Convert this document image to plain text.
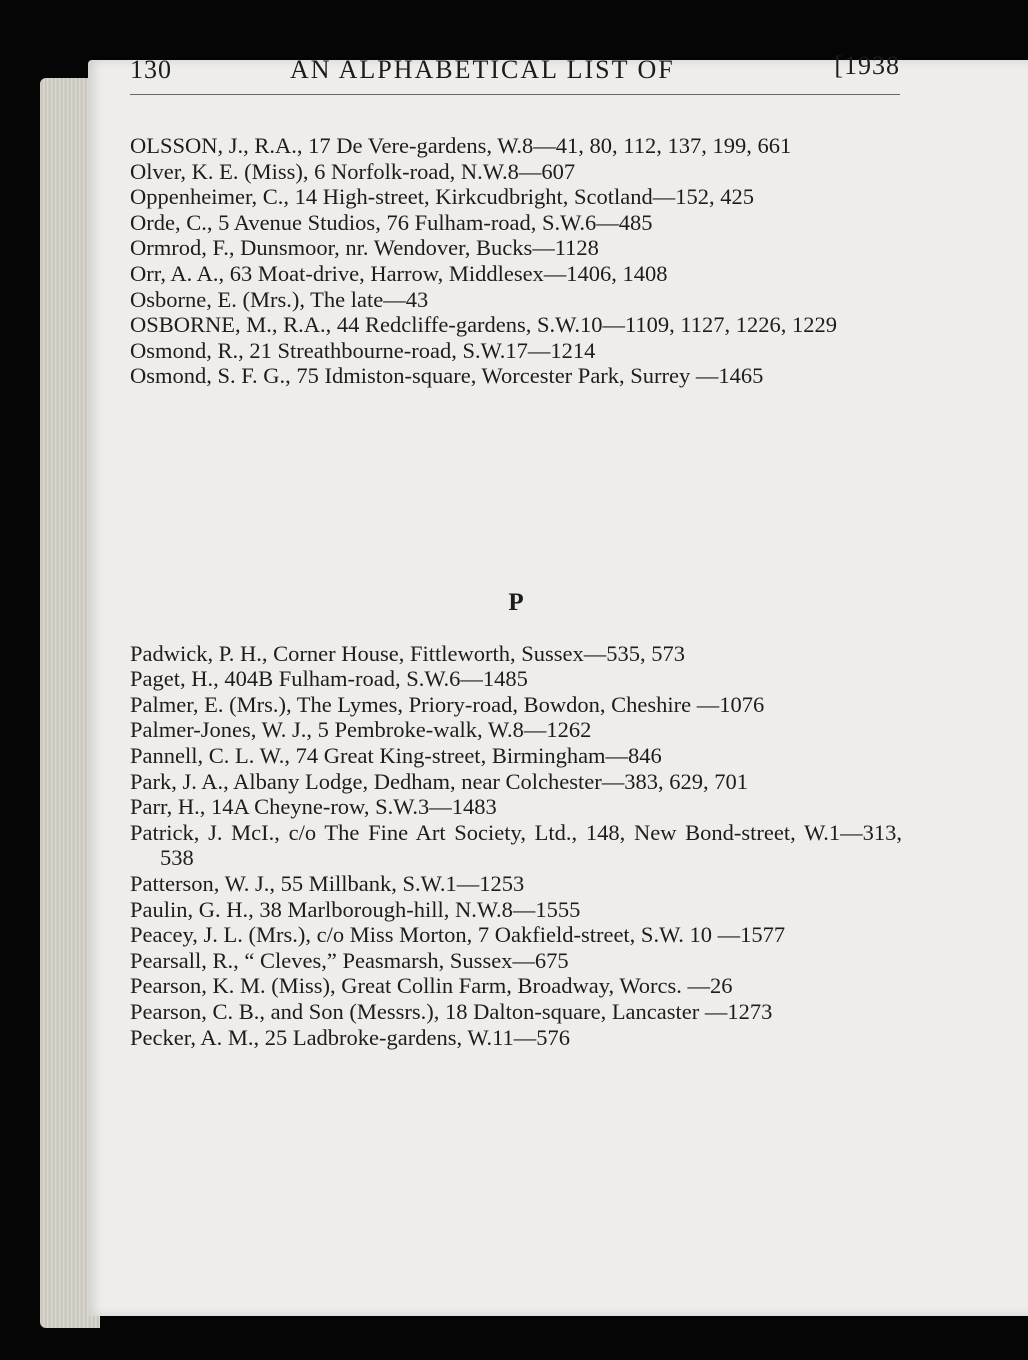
130	AN ALPHABETICAL LIST OF	[1938
OLSSON, J., R.A., 17 De Vere-gardens, W.8—41, 80, 112, 137, 199, 661
Olver, K. E. (Miss), 6 Norfolk-road, N.W.8—607
Oppenheimer, C., 14 High-street, Kirkcudbright, Scotland—152, 425
Orde, C., 5 Avenue Studios, 76 Fulham-road, S.W.6—485
Ormrod, F., Dunsmoor, nr. Wendover, Bucks—1128
Orr, A. A., 63 Moat-drive, Harrow, Middlesex—1406, 1408
Osborne, E. (Mrs.), The late—43
OSBORNE, M., R.A., 44 Redcliffe-gardens, S.W.10—1109, 1127, 1226, 1229
Osmond, R., 21 Streathbourne-road, S.W.17—1214
Osmond, S. F. G., 75 Idmiston-square, Worcester Park, Surrey —1465
P
Padwick, P. H., Corner House, Fittleworth, Sussex—535, 573
Paget, H., 404B Fulham-road, S.W.6—1485
Palmer, E. (Mrs.), The Lymes, Priory-road, Bowdon, Cheshire —1076
Palmer-Jones, W. J., 5 Pembroke-walk, W.8—1262
Pannell, C. L. W., 74 Great King-street, Birmingham—846
Park, J. A., Albany Lodge, Dedham, near Colchester—383, 629, 701
Parr, H., 14A Cheyne-row, S.W.3—1483
Patrick, J. McI., c/o The Fine Art Society, Ltd., 148, New Bond-street, W.1—313, 538
Patterson, W. J., 55 Millbank, S.W.1—1253
Paulin, G. H., 38 Marlborough-hill, N.W.8—1555
Peacey, J. L. (Mrs.), c/o Miss Morton, 7 Oakfield-street, S.W. 10 —1577
Pearsall, R., “ Cleves,” Peasmarsh, Sussex—675
Pearson, K. M. (Miss), Great Collin Farm, Broadway, Worcs. —26
Pearson, C. B., and Son (Messrs.), 18 Dalton-square, Lancaster —1273
Pecker, A. M., 25 Ladbroke-gardens, W.11—576
